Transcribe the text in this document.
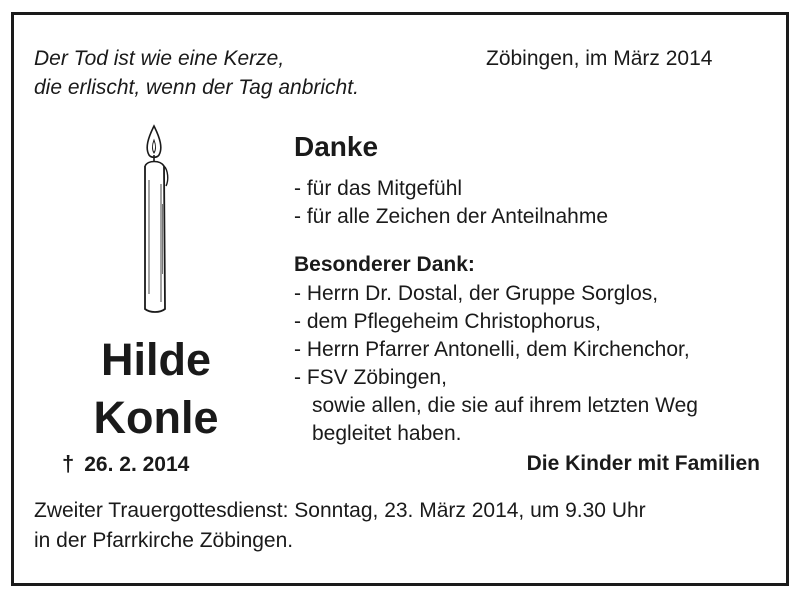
Der Tod ist wie eine Kerze,
die erlischt, wenn der Tag anbricht.
Zöbingen, im März 2014
Hilde
Konle
† 26. 2. 2014
Danke
- für das Mitgefühl
- für alle Zeichen der Anteilnahme
Besonderer Dank:
- Herrn Dr. Dostal, der Gruppe Sorglos,
- dem Pflegeheim Christophorus,
- Herrn Pfarrer Antonelli, dem Kirchenchor,
- FSV Zöbingen,
sowie allen, die sie auf ihrem letzten Weg
begleitet haben.
Die Kinder mit Familien
Zweiter Trauergottesdienst: Sonntag, 23. März 2014, um 9.30 Uhr
in der Pfarrkirche Zöbingen.
